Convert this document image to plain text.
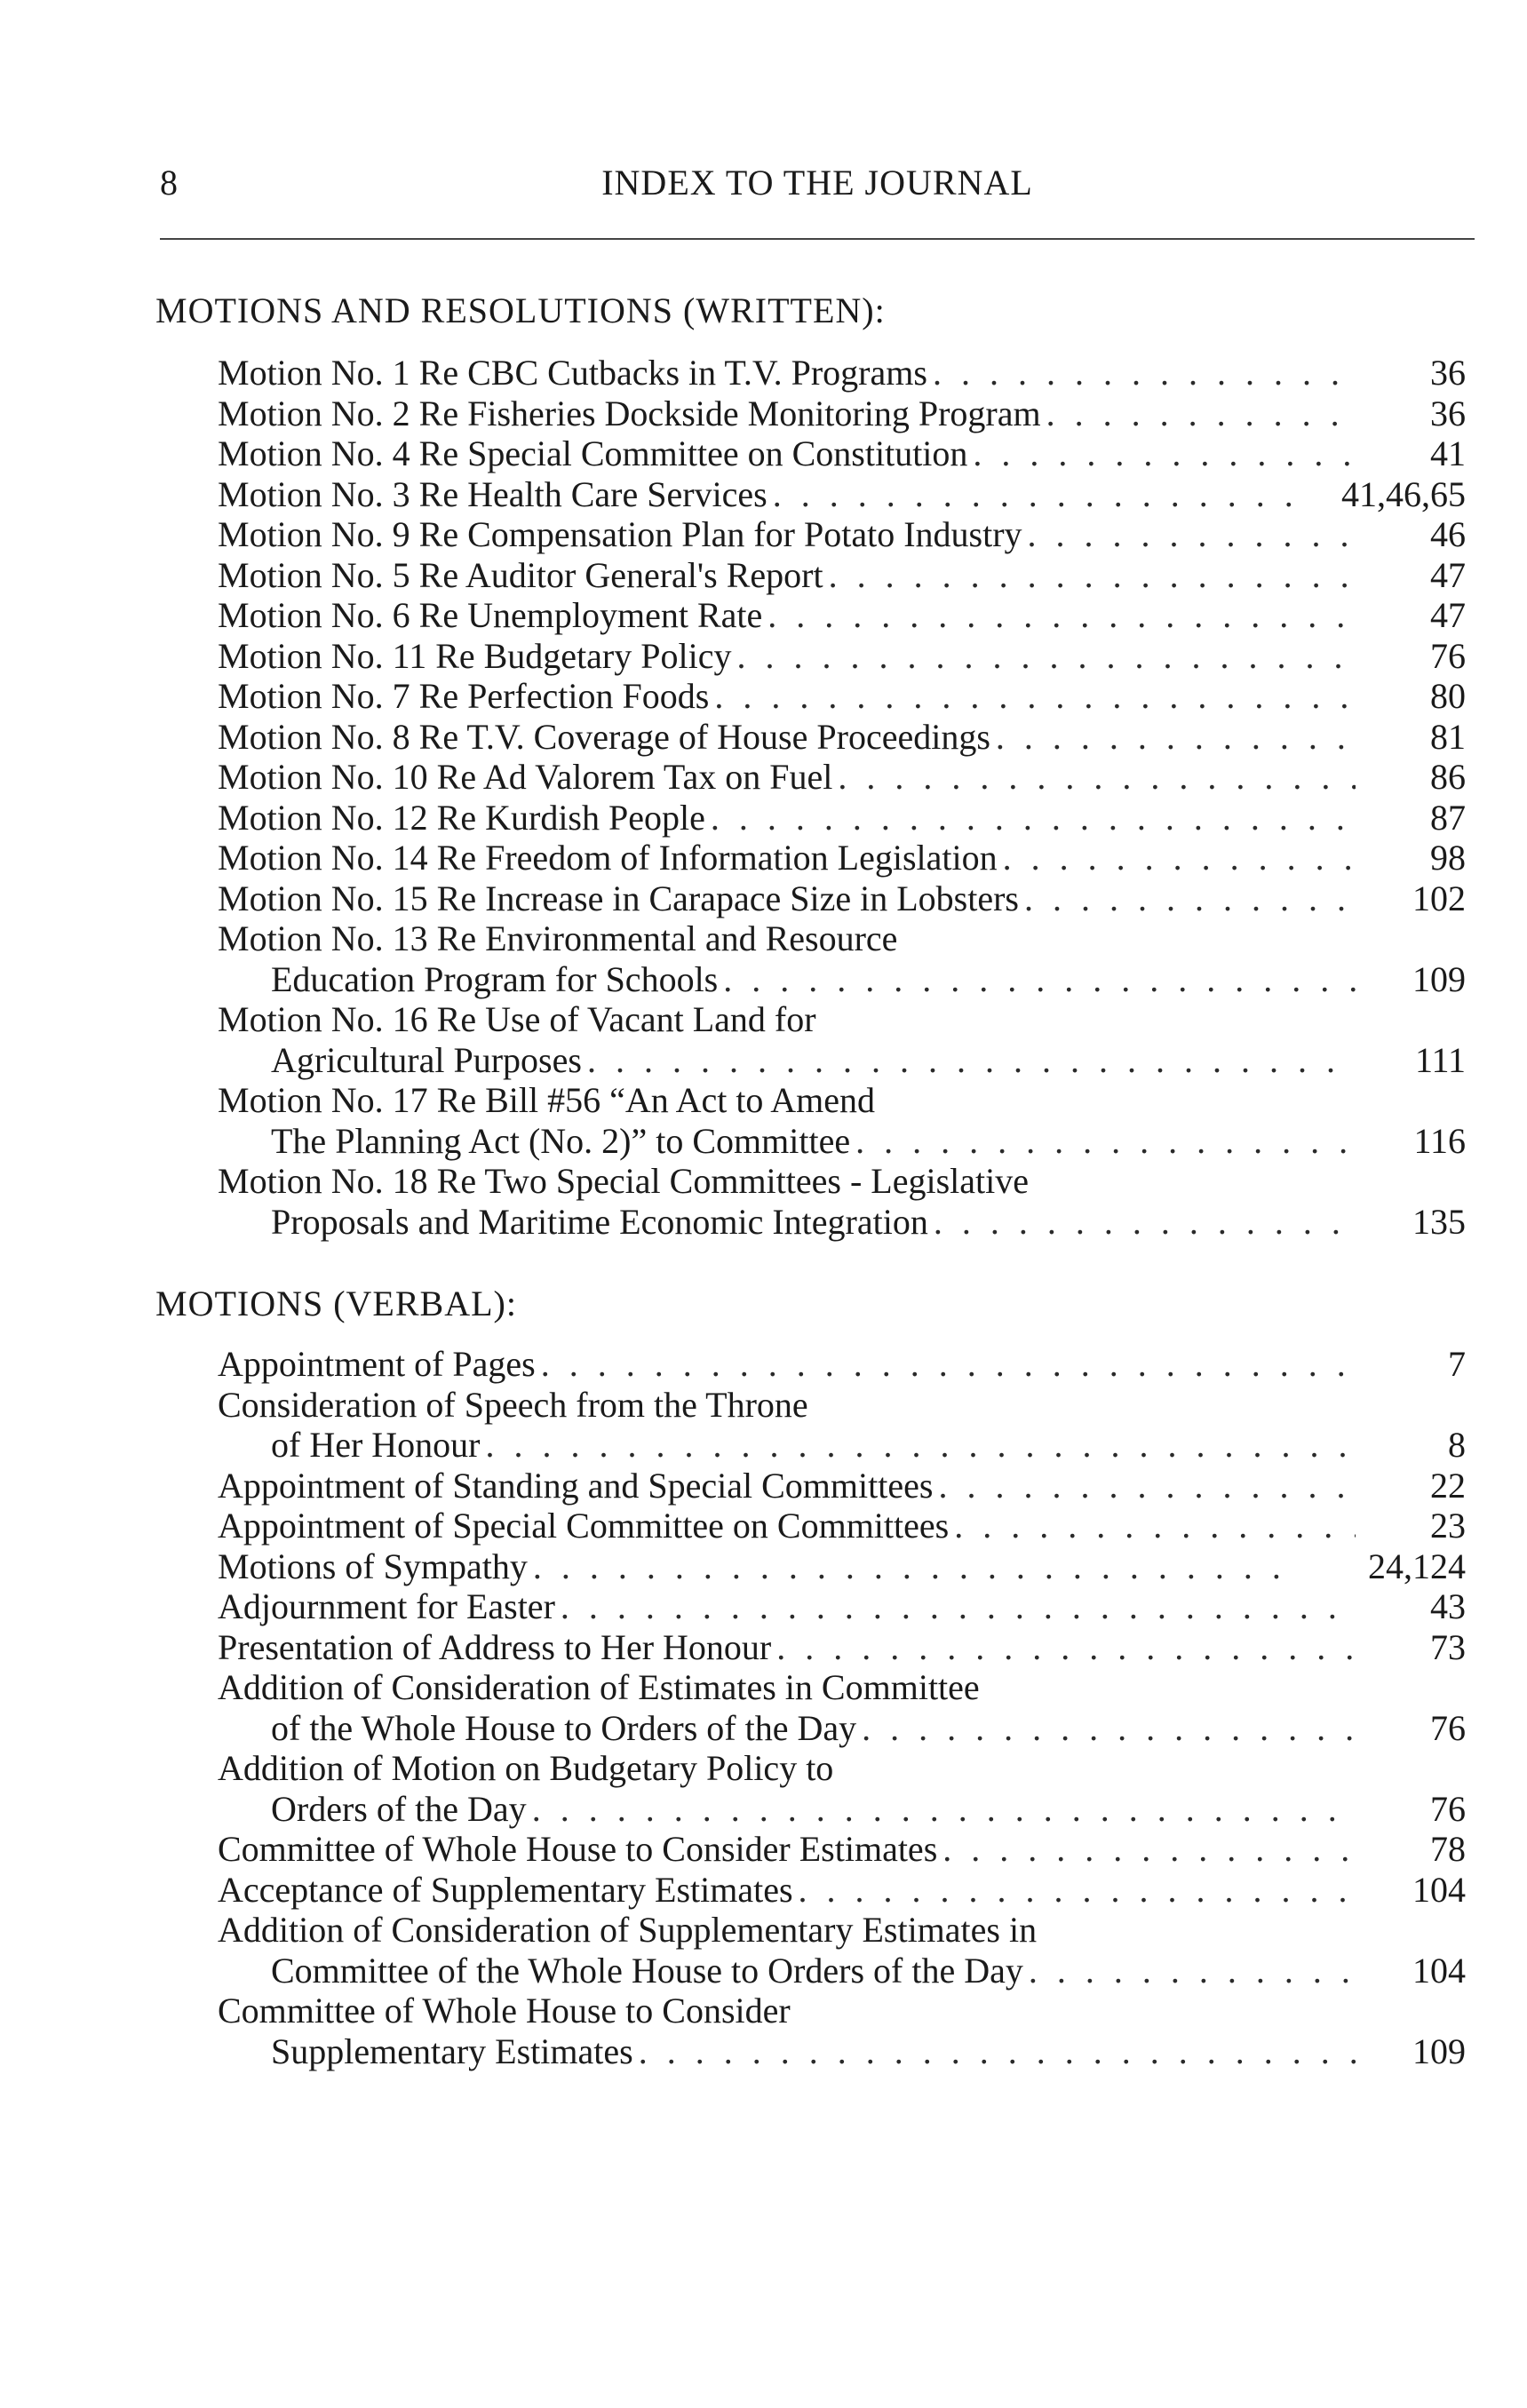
8	INDEX TO THE JOURNAL
MOTIONS AND RESOLUTIONS (WRITTEN):
Motion No. 1 Re CBC Cutbacks in T.V. Programs . . .	36
Motion No. 2 Re Fisheries Dockside Monitoring Program . . .	36
Motion No. 4 Re Special Committee on Constitution . . .	41
Motion No. 3 Re Health Care Services . . .	41,46,65
Motion No. 9 Re Compensation Plan for Potato Industry . . .	46
Motion No. 5 Re Auditor General's Report . . .	47
Motion No. 6 Re Unemployment Rate . . .	47
Motion No. 11 Re Budgetary Policy . . .	76
Motion No. 7 Re Perfection Foods . . .	80
Motion No. 8 Re T.V. Coverage of House Proceedings . . .	81
Motion No. 10 Re Ad Valorem Tax on Fuel . . .	86
Motion No. 12 Re Kurdish People . . .	87
Motion No. 14 Re Freedom of Information Legislation . . .	98
Motion No. 15 Re Increase in Carapace Size in Lobsters . . .	102
Motion No. 13 Re Environmental and Resource
Education Program for Schools . . .	109
Motion No. 16 Re Use of Vacant Land for
Agricultural Purposes . . .	111
Motion No. 17 Re Bill #56 “An Act to Amend
The Planning Act (No. 2)” to Committee . . .	116
Motion No. 18 Re Two Special Committees - Legislative
Proposals and Maritime Economic Integration . . .	135
MOTIONS (VERBAL):
Appointment of Pages . . .	7
Consideration of Speech from the Throne
of Her Honour . . .	8
Appointment of Standing and Special Committees . . .	22
Appointment of Special Committee on Committees . . .	23
Motions of Sympathy . . .	24,124
Adjournment for Easter . . .	43
Presentation of Address to Her Honour . . .	73
Addition of Consideration of Estimates in Committee
of the Whole House to Orders of the Day . . .	76
Addition of Motion on Budgetary Policy to
Orders of the Day . . .	76
Committee of Whole House to Consider Estimates . . .	78
Acceptance of Supplementary Estimates . . .	104
Addition of Consideration of Supplementary Estimates in
Committee of the Whole House to Orders of the Day . . .	104
Committee of Whole House to Consider
Supplementary Estimates . . .	109
